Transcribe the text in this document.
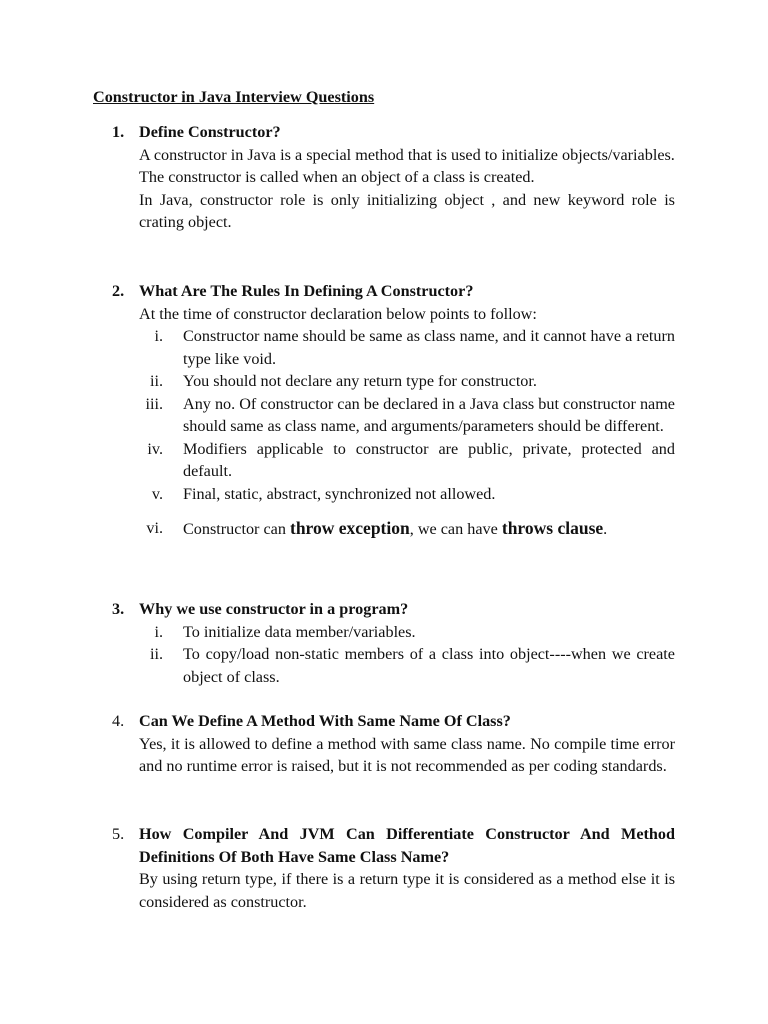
Constructor in Java Interview Questions
1. Define Constructor?
A constructor in Java is a special method that is used to initialize objects/variables.
The constructor is called when an object of a class is created.
In Java, constructor role is only initializing object , and new keyword role is crating object.
2. What Are The Rules In Defining A Constructor?
At the time of constructor declaration below points to follow:
i.	Constructor name should be same as class name, and it cannot have a return type like void.
ii.	You should not declare any return type for constructor.
iii.	Any no. Of constructor can be declared in a Java class but constructor name should same as class name, and arguments/parameters should be different.
iv.	Modifiers applicable to constructor are public, private, protected and default.
v.	Final, static, abstract, synchronized not allowed.
vi.	Constructor can throw exception, we can have throws clause.
3. Why we use constructor in a program?
i.	To initialize data member/variables.
ii.	To copy/load non-static members of a class into object----when we create object of class.
4. Can We Define A Method With Same Name Of Class?
Yes, it is allowed to define a method with same class name. No compile time error and no runtime error is raised, but it is not recommended as per coding standards.
5. How Compiler And JVM Can Differentiate Constructor And Method Definitions Of Both Have Same Class Name?
By using return type, if there is a return type it is considered as a method else it is considered as constructor.
